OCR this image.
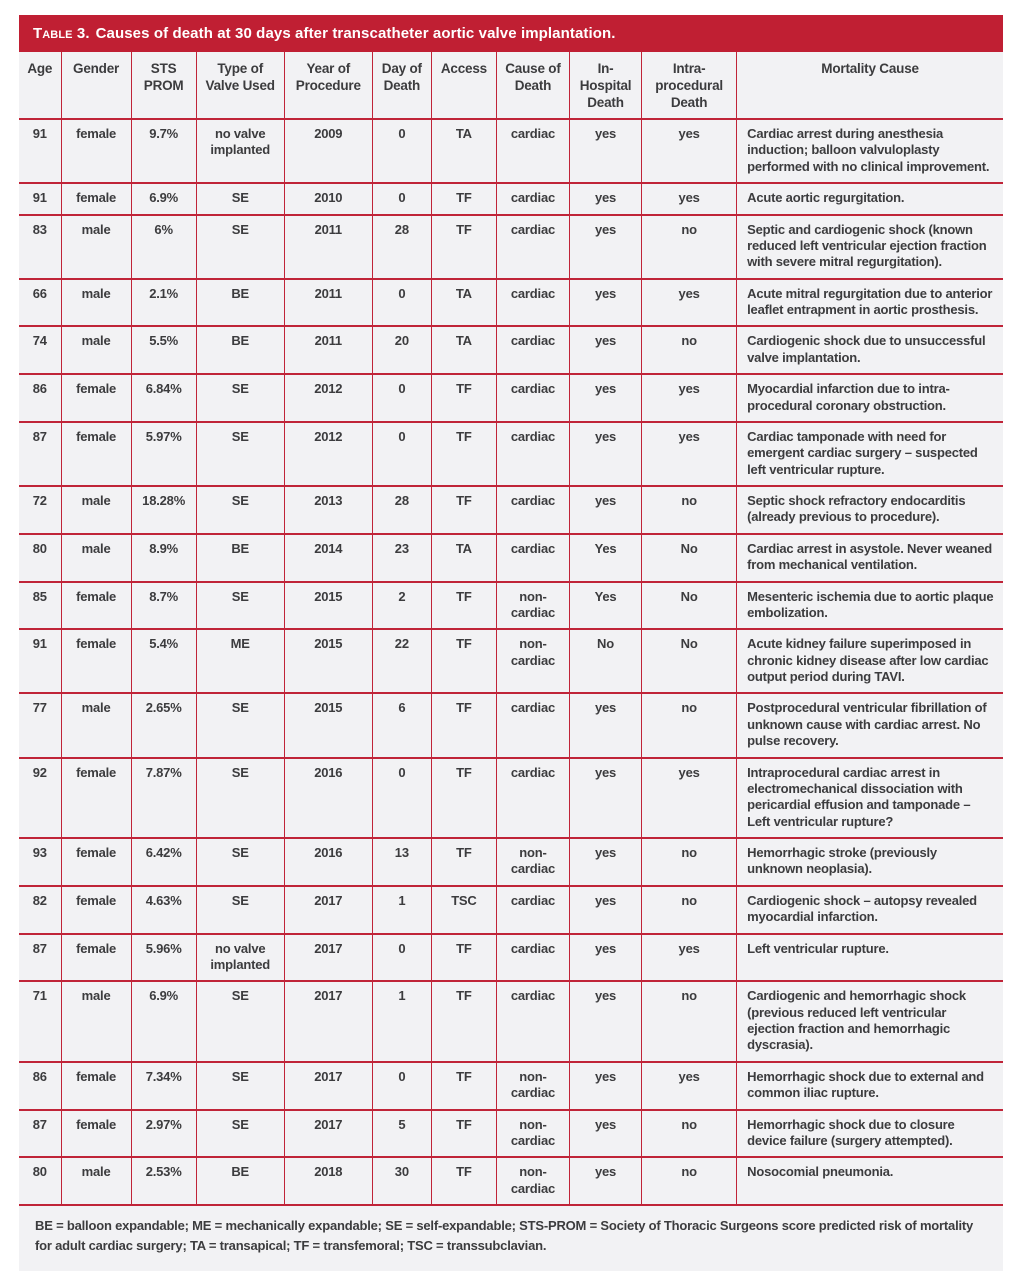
Table 3. Causes of death at 30 days after transcatheter aortic valve implantation.
Age	Gender	STS PROM	Type of Valve Used	Year of Procedure	Day of Death	Access	Cause of Death	In-Hospital Death	Intra-procedural Death	Mortality Cause
91	female	9.7%	no valve implanted	2009	0	TA	cardiac	yes	yes	Cardiac arrest during anesthesia induction; balloon valvuloplasty performed with no clinical improvement.
91	female	6.9%	SE	2010	0	TF	cardiac	yes	yes	Acute aortic regurgitation.
83	male	6%	SE	2011	28	TF	cardiac	yes	no	Septic and cardiogenic shock (known reduced left ventricular ejection fraction with severe mitral regurgitation).
66	male	2.1%	BE	2011	0	TA	cardiac	yes	yes	Acute mitral regurgitation due to anterior leaflet entrapment in aortic prosthesis.
74	male	5.5%	BE	2011	20	TA	cardiac	yes	no	Cardiogenic shock due to unsuccessful valve implantation.
86	female	6.84%	SE	2012	0	TF	cardiac	yes	yes	Myocardial infarction due to intra-procedural coronary obstruction.
87	female	5.97%	SE	2012	0	TF	cardiac	yes	yes	Cardiac tamponade with need for emergent cardiac surgery – suspected left ventricular rupture.
72	male	18.28%	SE	2013	28	TF	cardiac	yes	no	Septic shock refractory endocarditis (already previous to procedure).
80	male	8.9%	BE	2014	23	TA	cardiac	Yes	No	Cardiac arrest in asystole. Never weaned from mechanical ventilation.
85	female	8.7%	SE	2015	2	TF	non-cardiac	Yes	No	Mesenteric ischemia due to aortic plaque embolization.
91	female	5.4%	ME	2015	22	TF	non-cardiac	No	No	Acute kidney failure superimposed in chronic kidney disease after low cardiac output period during TAVI.
77	male	2.65%	SE	2015	6	TF	cardiac	yes	no	Postprocedural ventricular fibrillation of unknown cause with cardiac arrest. No pulse recovery.
92	female	7.87%	SE	2016	0	TF	cardiac	yes	yes	Intraprocedural cardiac arrest in electromechanical dissociation with pericardial effusion and tamponade – Left ventricular rupture?
93	female	6.42%	SE	2016	13	TF	non-cardiac	yes	no	Hemorrhagic stroke (previously unknown neoplasia).
82	female	4.63%	SE	2017	1	TSC	cardiac	yes	no	Cardiogenic shock – autopsy revealed myocardial infarction.
87	female	5.96%	no valve implanted	2017	0	TF	cardiac	yes	yes	Left ventricular rupture.
71	male	6.9%	SE	2017	1	TF	cardiac	yes	no	Cardiogenic and hemorrhagic shock (previous reduced left ventricular ejection fraction and hemorrhagic dyscrasia).
86	female	7.34%	SE	2017	0	TF	non-cardiac	yes	yes	Hemorrhagic shock due to external and common iliac rupture.
87	female	2.97%	SE	2017	5	TF	non-cardiac	yes	no	Hemorrhagic shock due to closure device failure (surgery attempted).
80	male	2.53%	BE	2018	30	TF	non-cardiac	yes	no	Nosocomial pneumonia.
BE = balloon expandable; ME = mechanically expandable; SE = self-expandable; STS-PROM = Society of Thoracic Surgeons score predicted risk of mortality for adult cardiac surgery; TA = transapical; TF = transfemoral; TSC = transsubclavian.
